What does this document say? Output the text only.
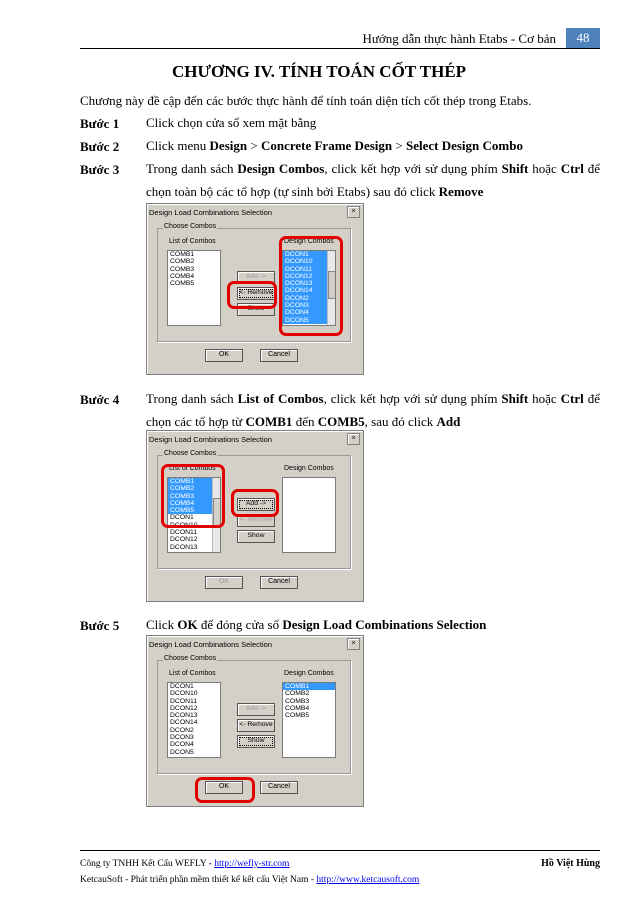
Hướng dẫn thực hành Etabs - Cơ bản	48
CHƯƠNG IV. TÍNH TOÁN CỐT THÉP
Chương này đề cập đến các bước thực hành để tính toán diện tích cốt thép trong Etabs.
Bước 1 Click chọn cửa sổ xem mặt bằng
Bước 2 Click menu Design > Concrete Frame Design > Select Design Combo
Bước 3 Trong danh sách Design Combos, click kết hợp với sử dụng phím Shift hoặc Ctrl để
chọn toàn bộ các tổ hợp (tự sinh bởi Etabs) sau đó click Remove
Design Load Combinations Selection	×
Choose Combos
List of Combos	Design Combos
COMB1
COMB2
COMB3
COMB4
COMB5
Add ->
<- Remove
Show
DCON1
DCON10
DCON11
DCON12
DCON13
DCON14
DCON2
DCON3
DCON4
DCON5
OK	Cancel
Bước 4 Trong danh sách List of Combos, click kết hợp với sử dụng phím Shift hoặc Ctrl để
chọn các tổ hợp từ COMB1 đến COMB5, sau đó click Add
Design Load Combinations Selection	×
Choose Combos
List of Combos	Design Combos
COMB1
COMB2
COMB3
COMB4
COMB5
DCON1
DCON10
DCON11
DCON12
DCON13
Add ->
<- Remove
Show
OK	Cancel
Bước 5 Click OK để đóng cửa sổ Design Load Combinations Selection
Design Load Combinations Selection	×
Choose Combos
List of Combos	Design Combos
DCON1
DCON10
DCON11
DCON12
DCON13
DCON14
DCON2
DCON3
DCON4
DCON5
Add ->
<- Remove
Show
COMB1
COMB2
COMB3
COMB4
COMB5
OK	Cancel
Công ty TNHH Kết Cấu WEFLY - http://wefly-str.com
KetcauSoft - Phát triển phần mềm thiết kế kết cấu Việt Nam - http://www.ketcausoft.com
Hồ Việt Hùng
